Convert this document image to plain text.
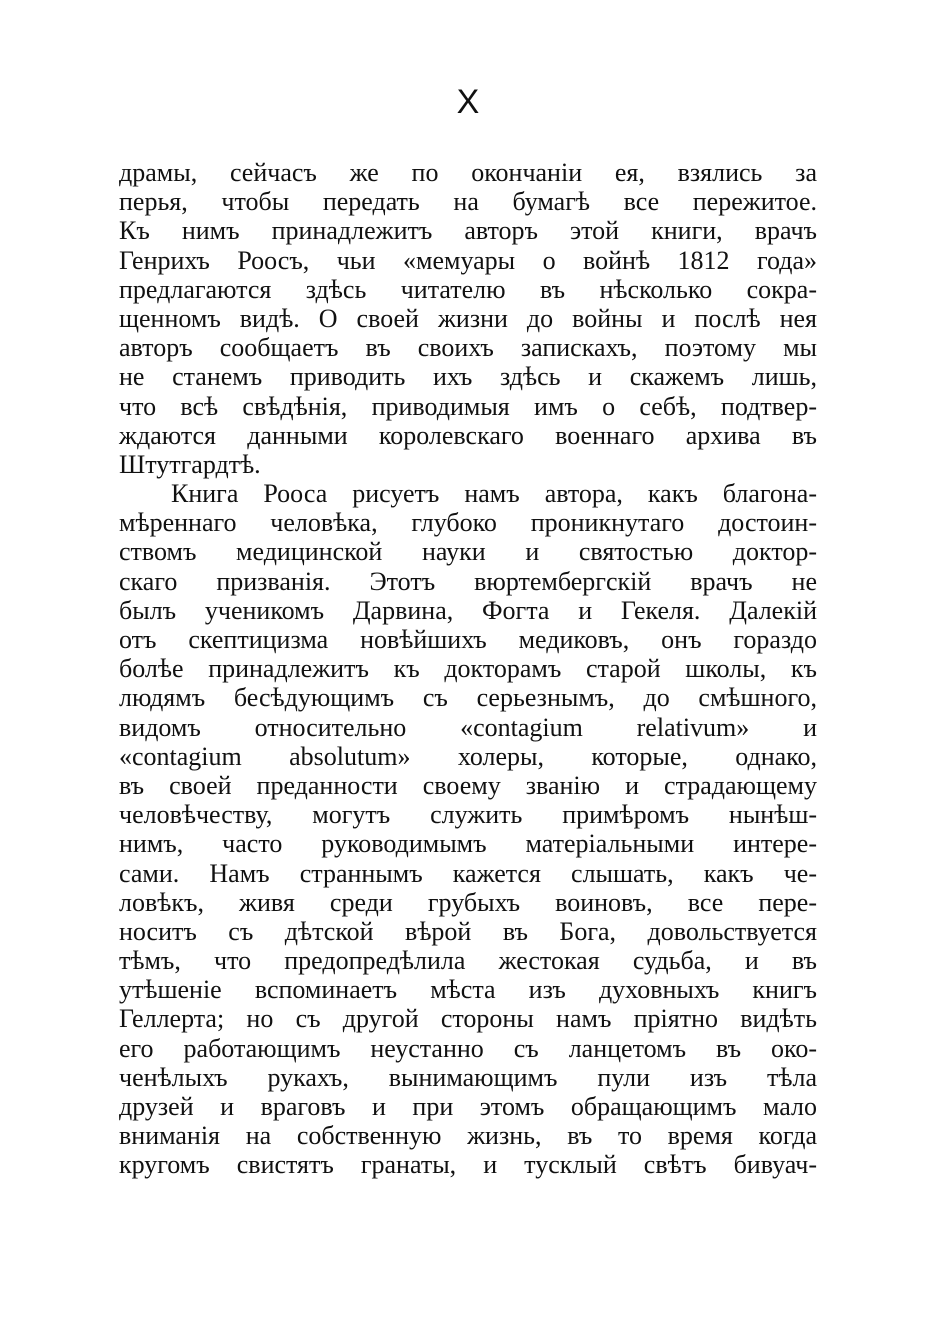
X
драмы, сейчасъ же по окончанiи ея, взялись за
перья, чтобы передать на бумагѣ все пережитое.
Къ нимъ принадлежитъ авторъ этой книги, врачъ
Генрихъ Роосъ, чьи «мемуары о войнѣ 1812 года»
предлагаются здѣсь читателю въ нѣсколько сокра-
щенномъ видѣ. О своей жизни до войны и послѣ нея
авторъ сообщаетъ въ своихъ запискахъ, поэтому мы
не станемъ приводить ихъ здѣсь и скажемъ лишь,
что всѣ свѣдѣнiя, приводимыя имъ о себѣ, подтвер-
ждаются данными королевскаго военнаго архива въ
Штутгардтѣ.
Книга Рооса рисуетъ намъ автора, какъ благона-
мѣреннаго человѣка, глубоко проникнутаго достоин-
ствомъ медицинской науки и святостью доктор-
скаго призванiя. Этотъ вюртембергскiй врачъ не
былъ ученикомъ Дарвина, Фогта и Гекеля. Далекiй
отъ скептицизма новѣйшихъ медиковъ, онъ гораздо
болѣе принадлежитъ къ докторамъ старой школы, къ
людямъ бесѣдующимъ съ серьезнымъ, до смѣшного,
видомъ относительно «contagium relativum» и
«contagium absolutum» холеры, которые, однако,
въ своей преданности своему званiю и страдающему
человѣчеству, могутъ служить примѣромъ нынѣш-
нимъ, часто руководимымъ матерiальными интере-
сами. Намъ страннымъ кажется слышать, какъ че-
ловѣкъ, живя среди грубыхъ воиновъ, все пере-
носитъ съ дѣтской вѣрой въ Бога, довольствуется
тѣмъ, что предопредѣлила жестокая судьба, и въ
утѣшенiе вспоминаетъ мѣста изъ духовныхъ книгъ
Геллерта; но съ другой стороны намъ прiятно видѣть
его работающимъ неустанно съ ланцетомъ въ око-
ченѣлыхъ рукахъ, вынимающимъ пули изъ тѣла
друзей и враговъ и при этомъ обращающимъ мало
вниманiя на собственную жизнь, въ то время когда
кругомъ свистятъ гранаты, и тусклый свѣтъ бивуач-
